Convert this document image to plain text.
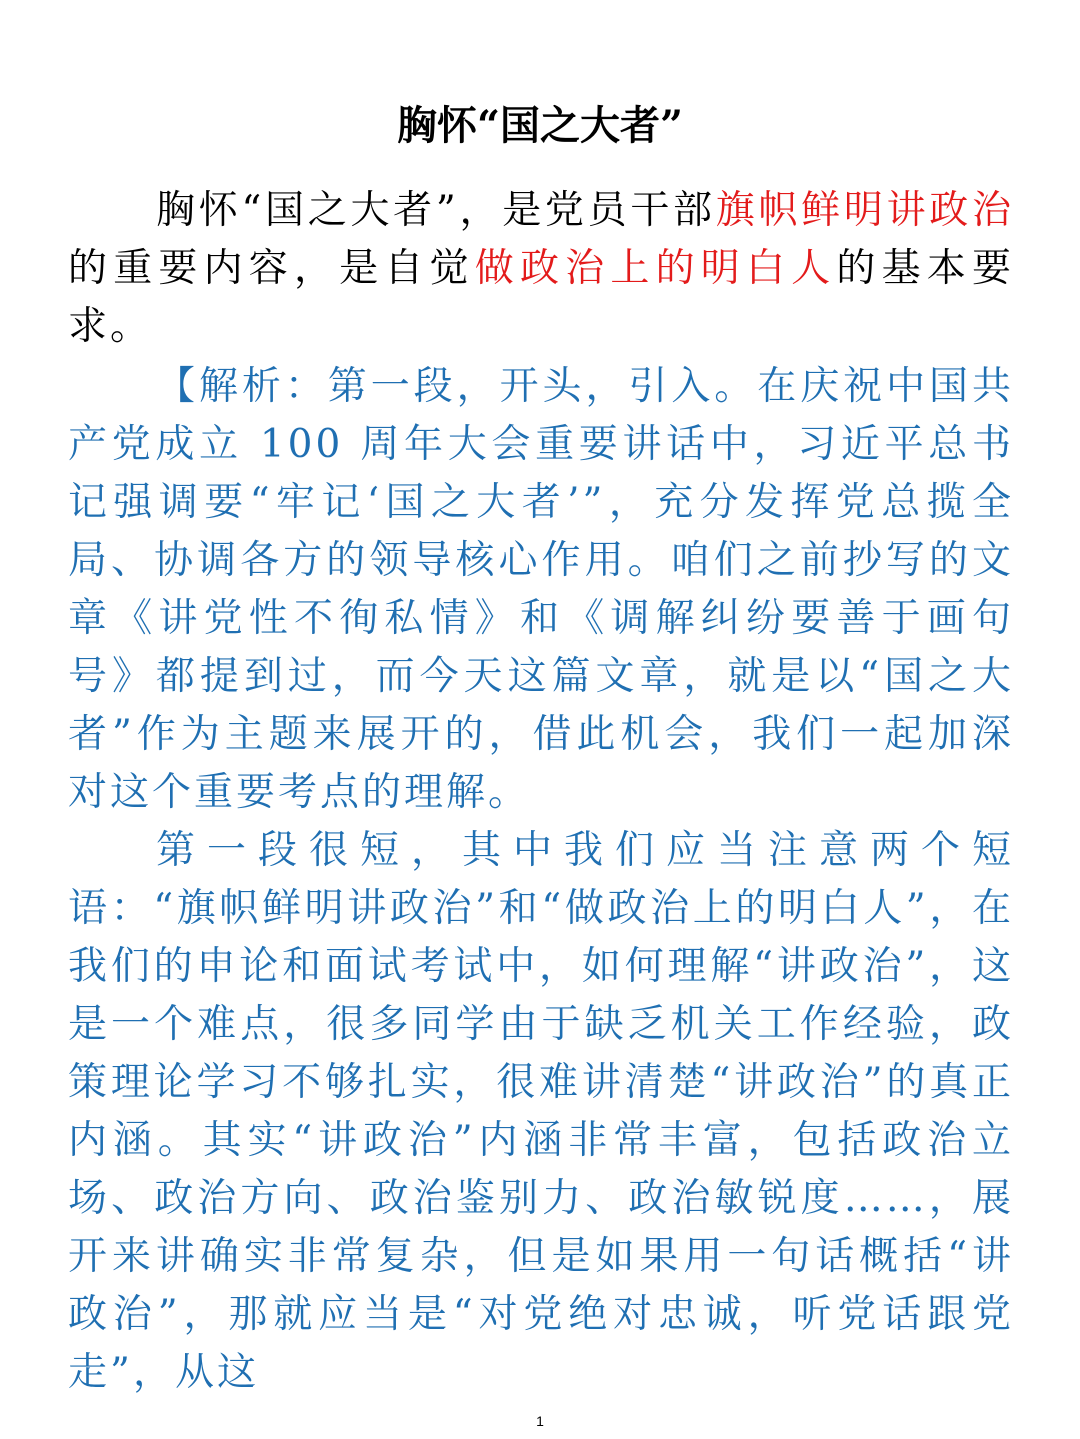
胸怀“国之大者”

胸怀“国之大者”，是党员干部旗帜鲜明讲政治的重要内容，是自觉做政治上的明白人的基本要求。

【解析：第一段，开头，引入。在庆祝中国共产党成立 100 周年大会重要讲话中，习近平总书记强调要“牢记‘国之大者’”，充分发挥党总揽全局、协调各方的领导核心作用。咱们之前抄写的文章《讲党性不徇私情》和《调解纠纷要善于画句号》都提到过，而今天这篇文章，就是以“国之大者”作为主题来展开的，借此机会，我们一起加深对这个重要考点的理解。

第一段很短，其中我们应当注意两个短语：“旗帜鲜明讲政治”和“做政治上的明白人”，在我们的申论和面试考试中，如何理解“讲政治”，这是一个难点，很多同学由于缺乏机关工作经验，政策理论学习不够扎实，很难讲清楚“讲政治”的真正内涵。其实“讲政治”内涵非常丰富，包括政治立场、政治方向、政治鉴别力、政治敏锐度……，展开来讲确实非常复杂，但是如果用一句话概括“讲政治”，那就应当是“对党绝对忠诚，听党话跟党走”，从这

1
